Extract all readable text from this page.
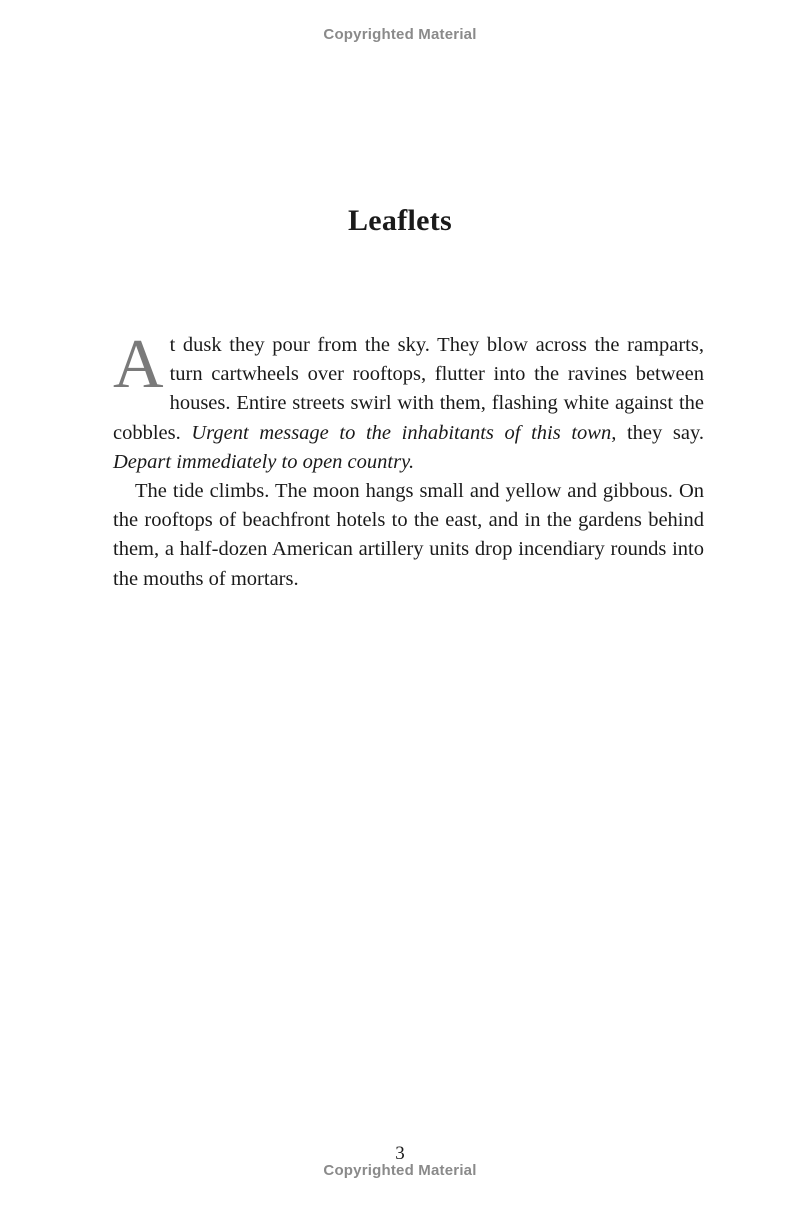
Copyrighted Material
Leaflets

At dusk they pour from the sky. They blow across the ramparts, turn cartwheels over rooftops, flutter into the ravines between houses. Entire streets swirl with them, flashing white against the cobbles. Urgent message to the inhabitants of this town, they say. Depart immediately to open country.

The tide climbs. The moon hangs small and yellow and gibbous. On the rooftops of beachfront hotels to the east, and in the gardens behind them, a half-dozen American artillery units drop incendiary rounds into the mouths of mortars.

3
Copyrighted Material
